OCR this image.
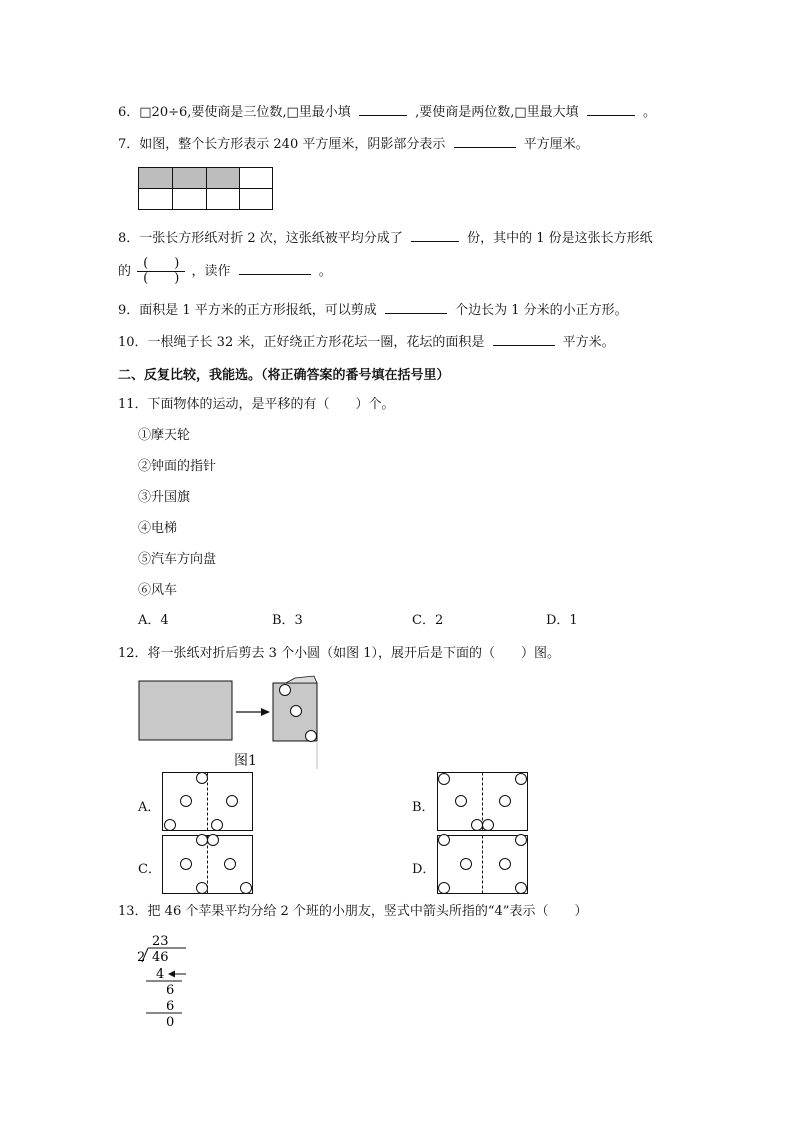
6．□20÷6,要使商是三位数,□里最小填	,要使商是两位数,□里最大填	。
7．如图，整个长方形表示 240 平方厘米，阴影部分表示	平方厘米。
8．一张长方形纸对折 2 次，这张纸被平均分成了	份，其中的 1 份是这张长方形纸
的 $\frac{( )}{( )}$ ，读作	。
9．面积是 1 平方米的正方形报纸，可以剪成	个边长为 1 分米的小正方形。
10．一根绳子长 32 米，正好绕正方形花坛一圈，花坛的面积是	平方米。
二、反复比较，我能选。（将正确答案的番号填在括号里）
11．下面物体的运动，是平移的有（　　）个。
①摩天轮
②钟面的指针
③升国旗
④电梯
⑤汽车方向盘
⑥风车
A．4	B．3	C．2	D．1
12．将一张纸对折后剪去 3 个小圆（如图 1），展开后是下面的（　　）图。
图1
A．	B．
C．	D．
13．把 46 个苹果平均分给 2 个班的小朋友，竖式中箭头所指的“4”表示（　　）
23
2 46
4
6
6
0
